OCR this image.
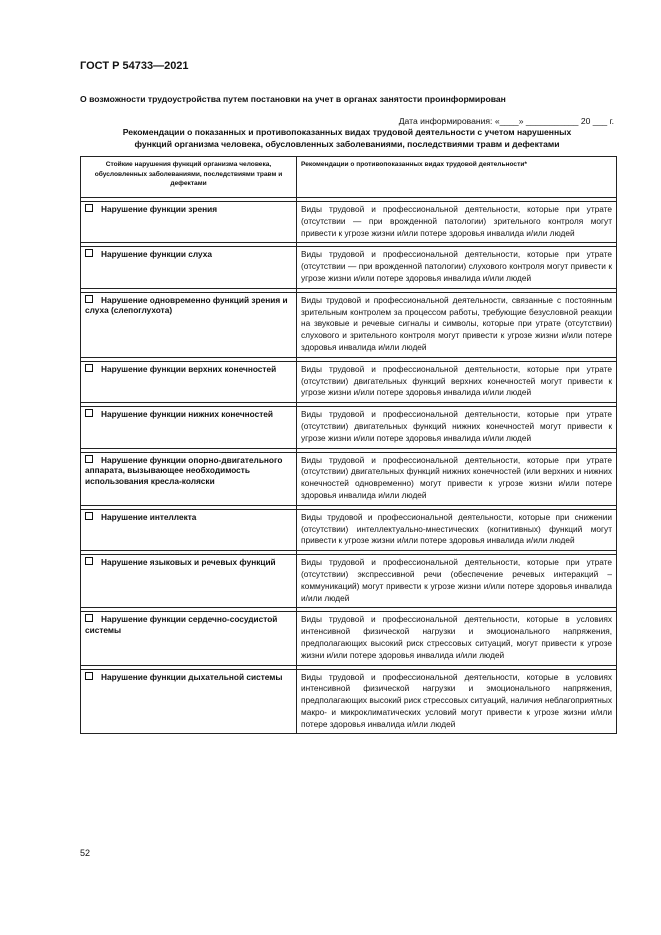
ГОСТ Р 54733—2021
О возможности трудоустройства путем постановки на учет в органах занятости проинформирован
Дата информирования: «____» ___________ 20 ___ г.
Рекомендации о показанных и противопоказанных видах трудовой деятельности с учетом нарушенных
функций организма человека, обусловленных заболеваниями, последствиями травм и дефектами
Стойкие нарушения функций организма человека, обусловленных заболеваниями, последствиями травм и дефектами	Рекомендации о противопоказанных видах трудовой деятельности*

Нарушение функции зрения	Виды трудовой и профессиональной деятельности, которые при утрате (отсутствии — при врожденной патологии) зрительного контроля могут привести к угрозе жизни и/или потере здоровья инвалида и/или людей

Нарушение функции слуха	Виды трудовой и профессиональной деятельности, которые при утрате (отсутствии — при врожденной патологии) слухового контроля могут привести к угрозе жизни и/или потере здоровья инвалида и/или людей

Нарушение одновременно функций зрения и слуха (слепоглухота)	Виды трудовой и профессиональной деятельности, связанные с постоянным зрительным контролем за процессом работы, требующие безусловной реакции на звуковые и речевые сигналы и символы, которые при утрате (отсутствии) слухового и зрительного контроля могут привести к угрозе жизни и/или потере здоровья инвалида и/или людей

Нарушение функции верхних конечностей	Виды трудовой и профессиональной деятельности, которые при утрате (отсутствии) двигательных функций верхних конечностей могут привести к угрозе жизни и/или потере здоровья инвалида и/или людей

Нарушение функции нижних конечностей	Виды трудовой и профессиональной деятельности, которые при утрате (отсутствии) двигательных функций нижних конечностей могут привести к угрозе жизни и/или потере здоровья инвалида и/или людей

Нарушение функции опорно-двигательного аппарата, вызывающее необходимость использования кресла-коляски	Виды трудовой и профессиональной деятельности, которые при утрате (отсутствии) двигательных функций нижних конечностей (или верхних и нижних конечностей одновременно) могут привести к угрозе жизни и/или потере здоровья инвалида и/или людей

Нарушение интеллекта	Виды трудовой и профессиональной деятельности, которые при снижении (отсутствии) интеллектуально-мнестических (когнитивных) функций могут привести к угрозе жизни и/или потере здоровья инвалида и/или людей

Нарушение языковых и речевых функций	Виды трудовой и профессиональной деятельности, которые при утрате (отсутствии) экспрессивной речи (обеспечение речевых интеракций – коммуникаций) могут привести к угрозе жизни и/или потере здоровья инвалида и/или людей

Нарушение функции сердечно-сосудистой системы	Виды трудовой и профессиональной деятельности, которые в условиях интенсивной физической нагрузки и эмоционального напряжения, предполагающих высокий риск стрессовых ситуаций, могут привести к угрозе жизни и/или потере здоровья инвалида и/или людей

Нарушение функции дыхательной системы	Виды трудовой и профессиональной деятельности, которые в условиях интенсивной физической нагрузки и эмоционального напряжения, предполагающих высокий риск стрессовых ситуаций, наличия неблагоприятных макро- и микроклиматических условий могут привести к угрозе жизни и/или потере здоровья инвалида и/или людей
52
